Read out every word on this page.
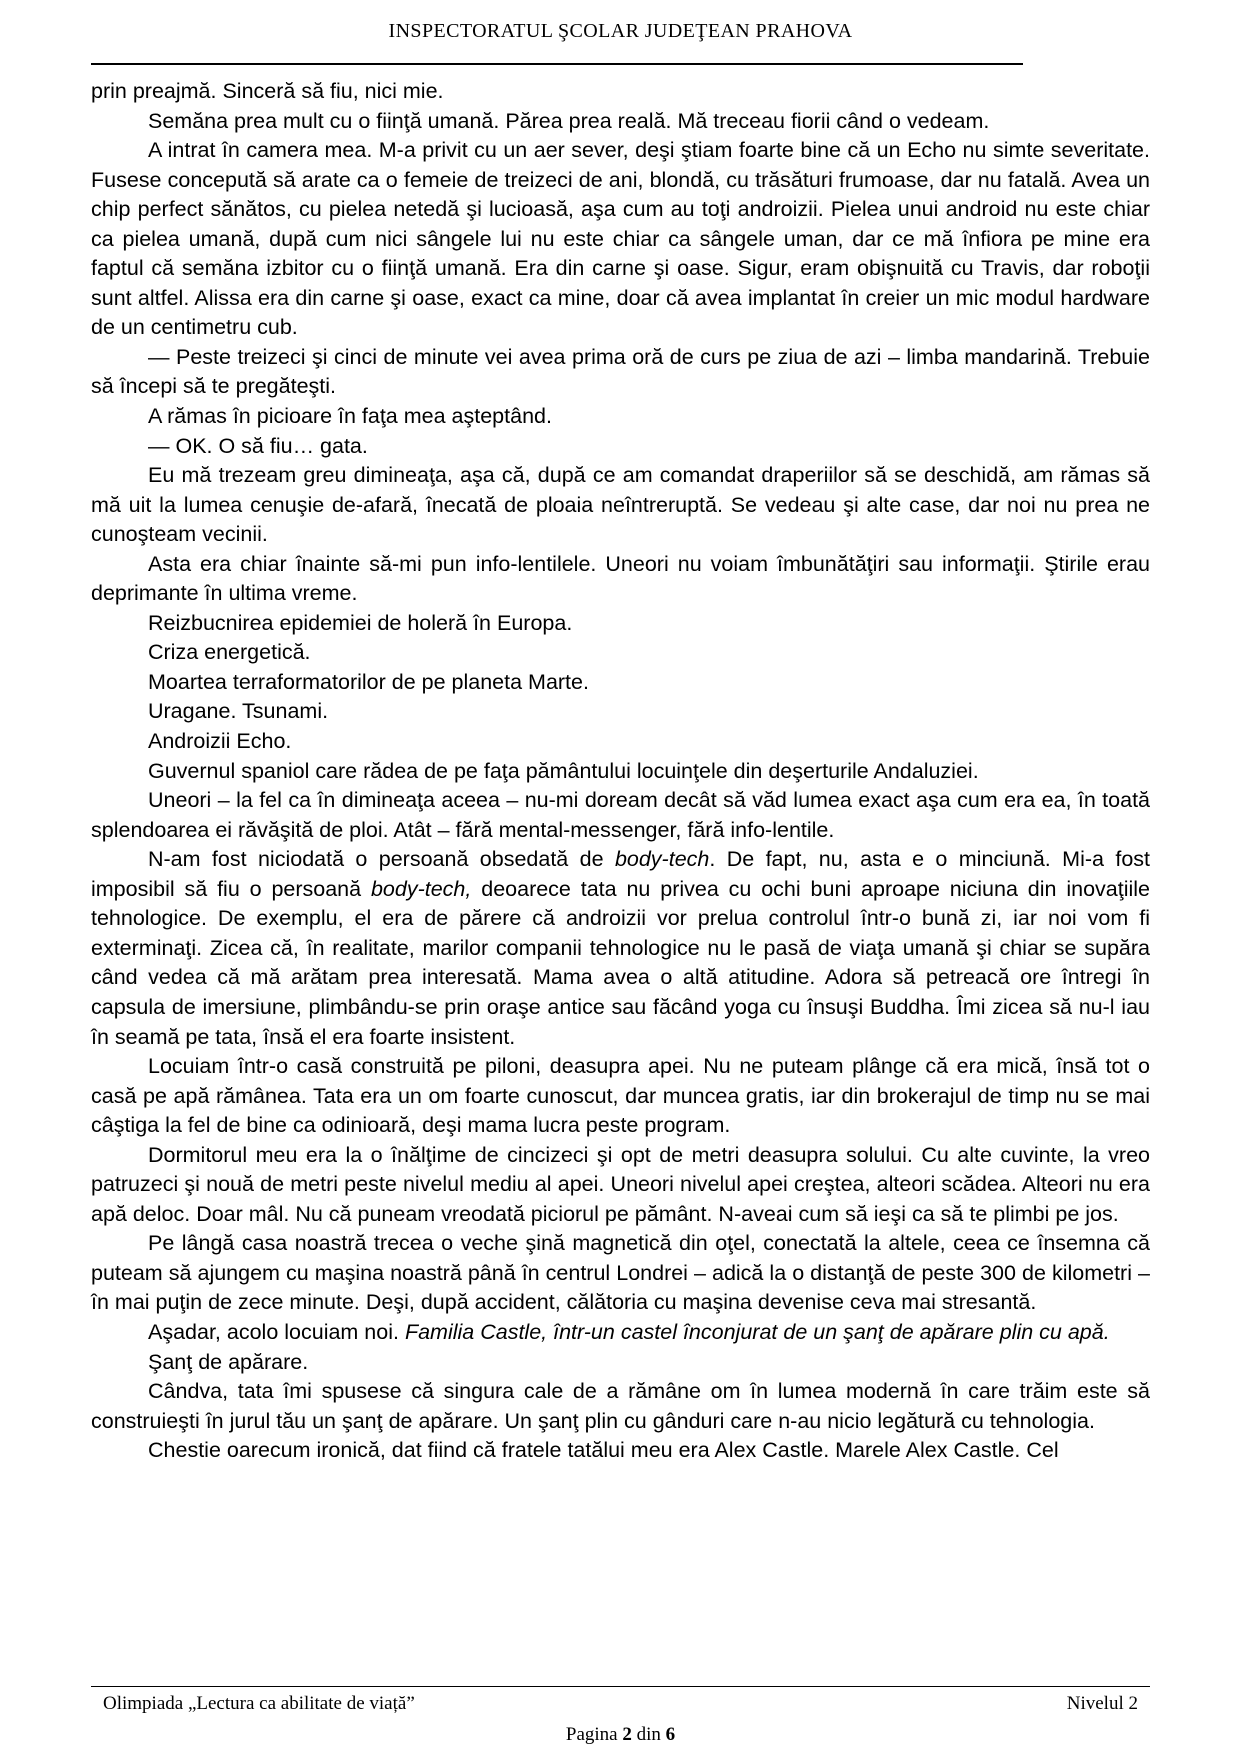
INSPECTORATUL ŞCOLAR JUDEŢEAN PRAHOVA

prin preajmă. Sinceră să fiu, nici mie.

Semăna prea mult cu o fiinţă umană. Părea prea reală. Mă treceau fiorii când o vedeam.

A intrat în camera mea. M-a privit cu un aer sever, deşi ştiam foarte bine că un Echo nu simte severitate. Fusese concepută să arate ca o femeie de treizeci de ani, blondă, cu trăsături frumoase, dar nu fatală. Avea un chip perfect sănătos, cu pielea netedă şi lucioasă, aşa cum au toţi androizii. Pielea unui android nu este chiar ca pielea umană, după cum nici sângele lui nu este chiar ca sângele uman, dar ce mă înfiora pe mine era faptul că semăna izbitor cu o fiinţă umană. Era din carne şi oase. Sigur, eram obişnuită cu Travis, dar roboţii sunt altfel. Alissa era din carne şi oase, exact ca mine, doar că avea implantat în creier un mic modul hardware de un centimetru cub.

— Peste treizeci şi cinci de minute vei avea prima oră de curs pe ziua de azi – limba mandarină. Trebuie să începi să te pregăteşti.

A rămas în picioare în faţa mea aşteptând.

— OK. O să fiu… gata.

Eu mă trezeam greu dimineaţa, aşa că, după ce am comandat draperiilor să se deschidă, am rămas să mă uit la lumea cenuşie de-afară, înecată de ploaia neîntreruptă. Se vedeau şi alte case, dar noi nu prea ne cunoşteam vecinii.

Asta era chiar înainte să-mi pun info-lentilele. Uneori nu voiam îmbunătăţiri sau informaţii. Ştirile erau deprimante în ultima vreme.

Reizbucnirea epidemiei de holeră în Europa.

Criza energetică.

Moartea terraformatorilor de pe planeta Marte.

Uragane. Tsunami.

Androizii Echo.

Guvernul spaniol care rădea de pe faţa pământului locuinţele din deşerturile Andaluziei.

Uneori – la fel ca în dimineaţa aceea – nu-mi doream decât să văd lumea exact aşa cum era ea, în toată splendoarea ei răvăşită de ploi. Atât – fără mental-messenger, fără info-lentile.

N-am fost niciodată o persoană obsedată de body-tech. De fapt, nu, asta e o minciună. Mi-a fost imposibil să fiu o persoană body-tech, deoarece tata nu privea cu ochi buni aproape niciuna din inovaţiile tehnologice. De exemplu, el era de părere că androizii vor prelua controlul într-o bună zi, iar noi vom fi exterminaţi. Zicea că, în realitate, marilor companii tehnologice nu le pasă de viaţa umană şi chiar se supăra când vedea că mă arătam prea interesată. Mama avea o altă atitudine. Adora să petreacă ore întregi în capsula de imersiune, plimbându-se prin oraşe antice sau făcând yoga cu însuşi Buddha. Îmi zicea să nu-l iau în seamă pe tata, însă el era foarte insistent.

Locuiam într-o casă construită pe piloni, deasupra apei. Nu ne puteam plânge că era mică, însă tot o casă pe apă rămânea. Tata era un om foarte cunoscut, dar muncea gratis, iar din brokerajul de timp nu se mai câştiga la fel de bine ca odinioară, deşi mama lucra peste program.

Dormitorul meu era la o înălţime de cincizeci şi opt de metri deasupra solului. Cu alte cuvinte, la vreo patruzeci şi nouă de metri peste nivelul mediu al apei. Uneori nivelul apei creştea, alteori scădea. Alteori nu era apă deloc. Doar mâl. Nu că puneam vreodată piciorul pe pământ. N-aveai cum să ieşi ca să te plimbi pe jos.

Pe lângă casa noastră trecea o veche şină magnetică din oţel, conectată la altele, ceea ce însemna că puteam să ajungem cu maşina noastră până în centrul Londrei – adică la o distanţă de peste 300 de kilometri – în mai puţin de zece minute. Deşi, după accident, călătoria cu maşina devenise ceva mai stresantă.

Aşadar, acolo locuiam noi. Familia Castle, într-un castel înconjurat de un şanţ de apărare plin cu apă.

Şanţ de apărare.

Cândva, tata îmi spusese că singura cale de a rămâne om în lumea modernă în care trăim este să construieşti în jurul tău un şanţ de apărare. Un şanţ plin cu gânduri care n-au nicio legătură cu tehnologia.

Chestie oarecum ironică, dat fiind că fratele tatălui meu era Alex Castle. Marele Alex Castle. Cel

Olimpiada „Lectura ca abilitate de viață”	Nivelul 2
Pagina 2 din 6
